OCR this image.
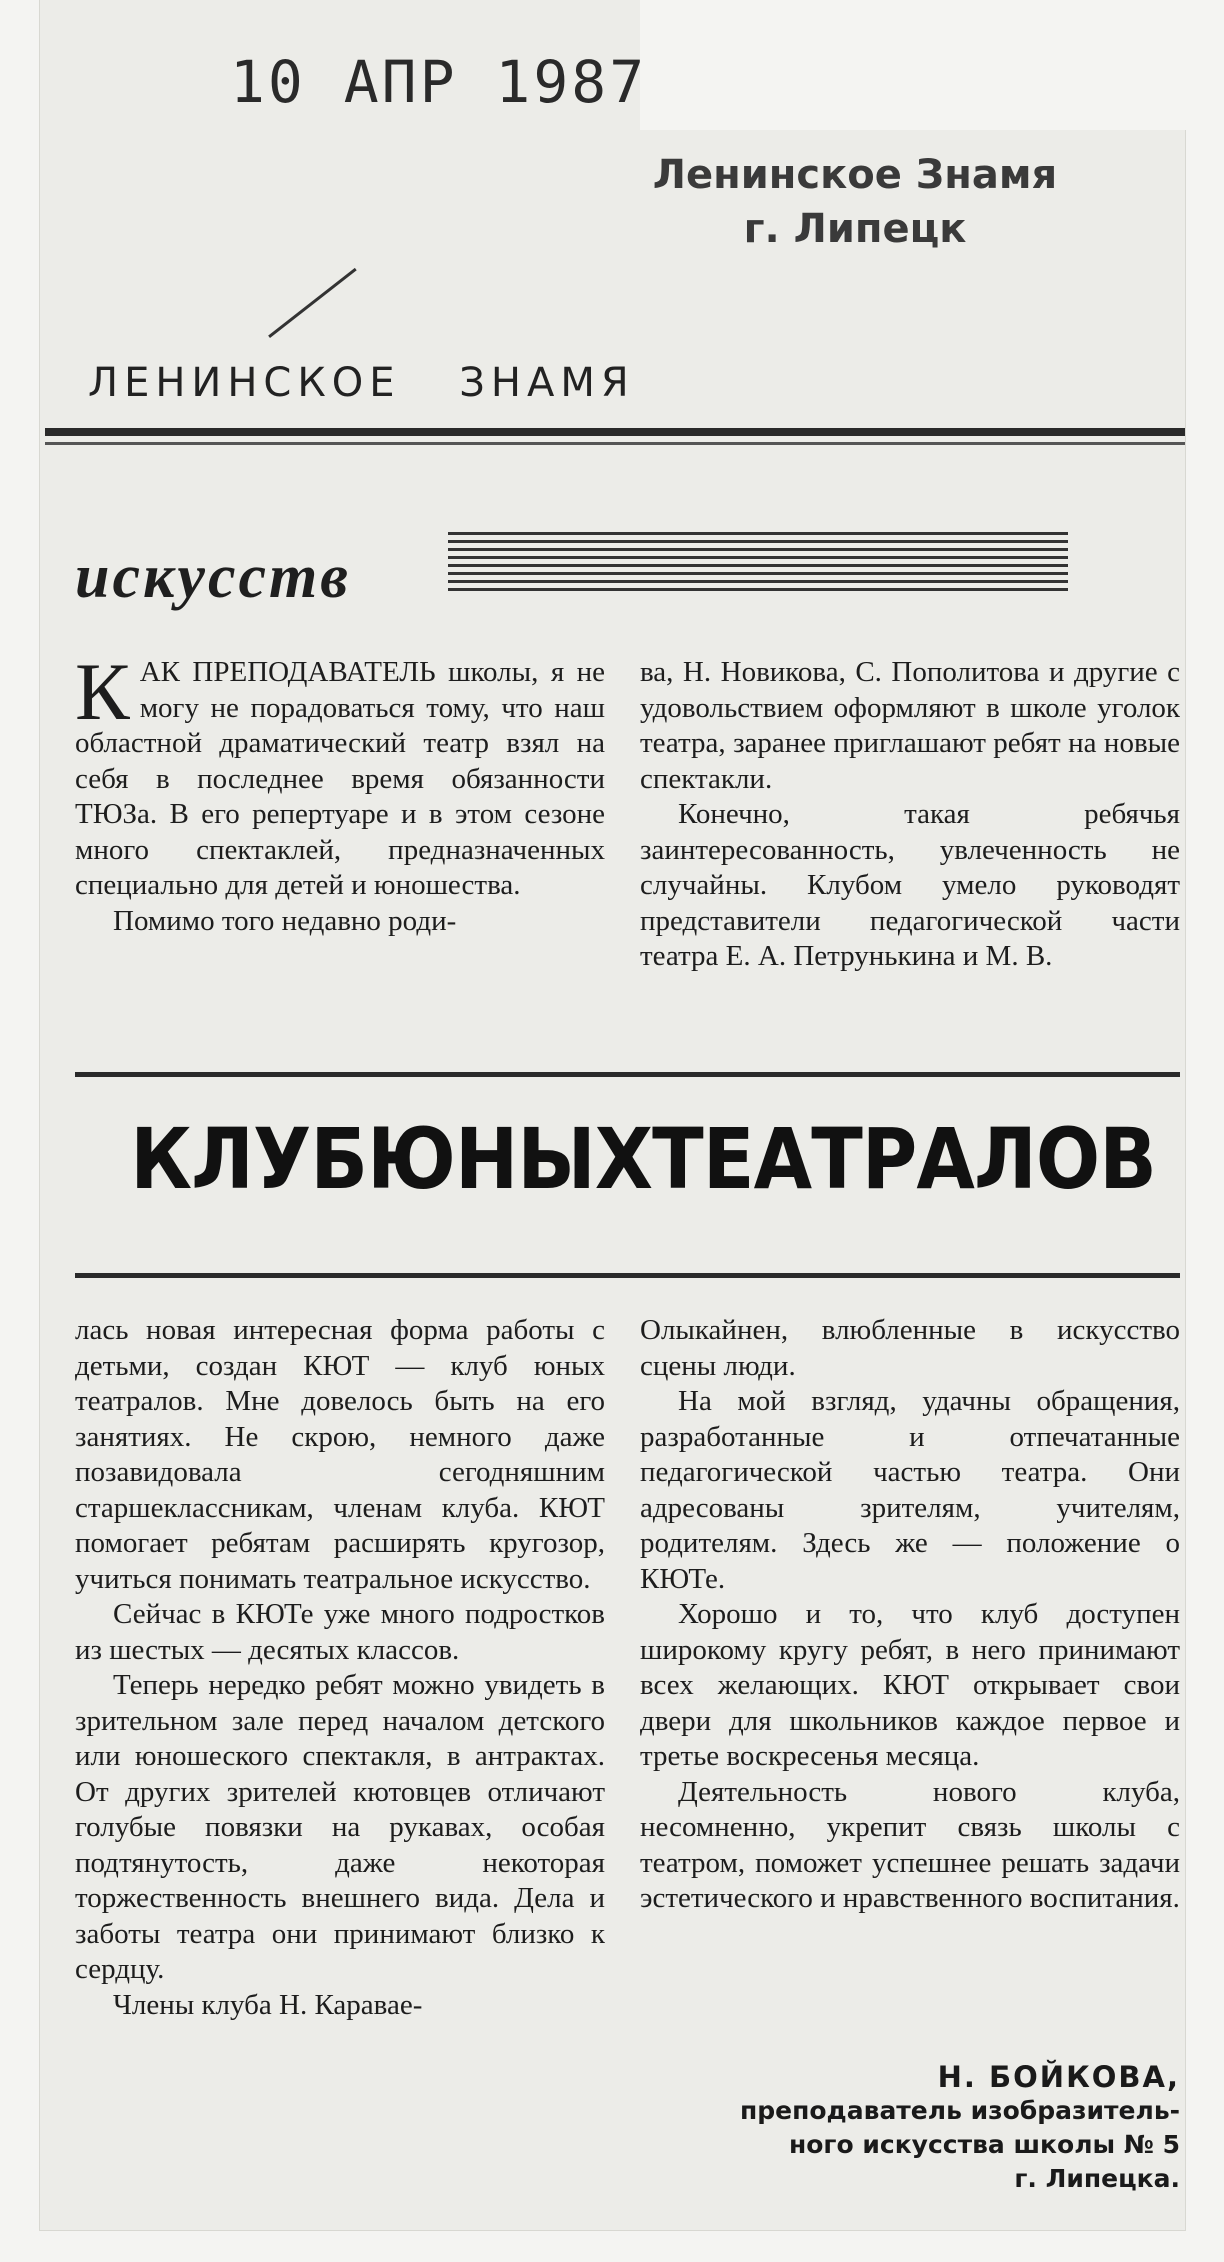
10 АПР 1987
Ленинское Знамя
г. Липецк
ЛЕНИНСКОЕ ЗНАМЯ
искусств

КАК ПРЕПОДАВАТЕЛЬ школы, я не могу не порадоваться тому, что наш областной драматический театр взял на себя в последнее время обязанности ТЮЗа. В его репертуаре и в этом сезоне много спектаклей, предназначенных специально для детей и юношества.

Помимо того недавно роди-

ва, Н. Новикова, С. Пополитова и другие с удовольствием оформляют в школе уголок театра, заранее приглашают ребят на новые спектакли.

Конечно, такая ребячья заинтересованность, увлеченность не случайны. Клубом умело руководят представители педагогической части театра Е. А. Петрунькина и М. В.

КЛУБ ЮНЫХ ТЕАТРАЛОВ

лась новая интересная форма работы с детьми, создан КЮТ — клуб юных театралов. Мне довелось быть на его занятиях. Не скрою, немного даже позавидовала сегодняшним старшеклассникам, членам клуба. КЮТ помогает ребятам расширять кругозор, учиться понимать театральное искусство.

Сейчас в КЮТе уже много подростков из шестых — десятых классов.

Теперь нередко ребят можно увидеть в зрительном зале перед началом детского или юношеского спектакля, в антрактах. От других зрителей кютовцев отличают голубые повязки на рукавах, особая подтянутость, даже некоторая торжественность внешнего вида. Дела и заботы театра они принимают близко к сердцу.

Члены клуба Н. Каравае-

Олыкайнен, влюбленные в искусство сцены люди.

На мой взгляд, удачны обращения, разработанные и отпечатанные педагогической частью театра. Они адресованы зрителям, учителям, родителям. Здесь же — положение о КЮТе.

Хорошо и то, что клуб доступен широкому кругу ребят, в него принимают всех желающих. КЮТ открывает свои двери для школьников каждое первое и третье воскресенья месяца.

Деятельность нового клуба, несомненно, укрепит связь школы с театром, поможет успешнее решать задачи эстетического и нравственного воспитания.

Н. БОЙКОВА,
преподаватель изобразитель-
ного искусства школы № 5
г. Липецка.
